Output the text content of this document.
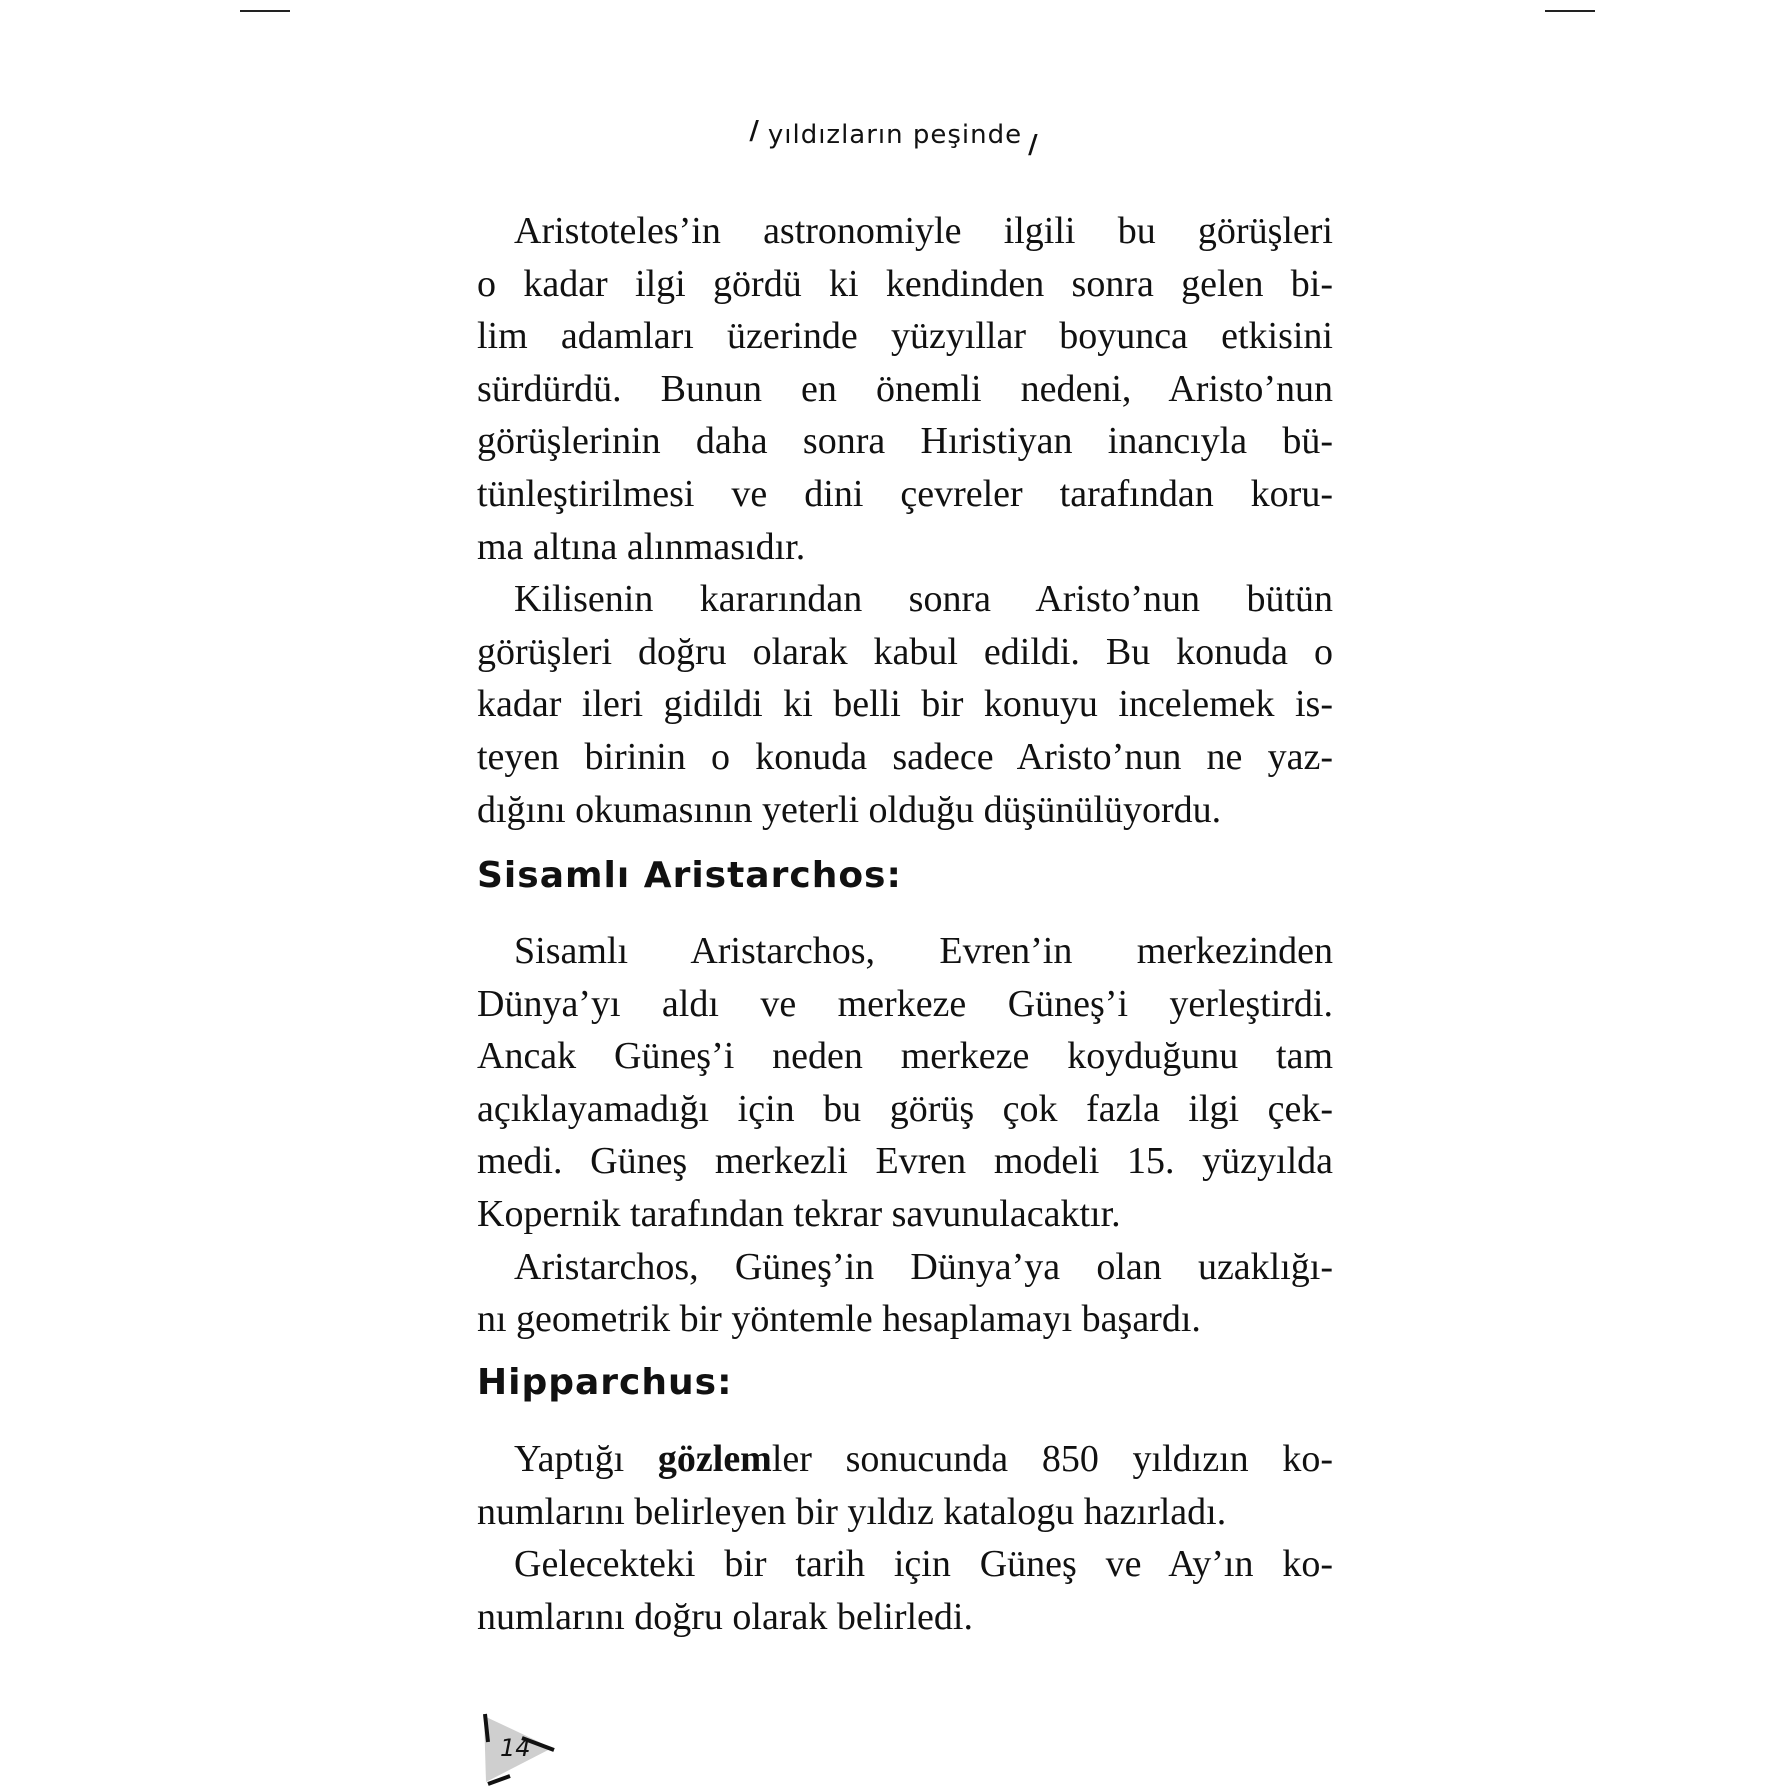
/ yıldızların peşinde /

Aristoteles’in astronomiyle ilgili bu görüşleri
o kadar ilgi gördü ki kendinden sonra gelen bi-
lim adamları üzerinde yüzyıllar boyunca etkisini
sürdürdü. Bunun en önemli nedeni, Aristo’nun
görüşlerinin daha sonra Hıristiyan inancıyla bü-
tünleştirilmesi ve dini çevreler tarafından koru-
ma altına alınmasıdır.

Kilisenin kararından sonra Aristo’nun bütün
görüşleri doğru olarak kabul edildi. Bu konuda o
kadar ileri gidildi ki belli bir konuyu incelemek is-
teyen birinin o konuda sadece Aristo’nun ne yaz-
dığını okumasının yeterli olduğu düşünülüyordu.

Sisamlı Aristarchos:

Sisamlı Aristarchos, Evren’in merkezinden
Dünya’yı aldı ve merkeze Güneş’i yerleştirdi.
Ancak Güneş’i neden merkeze koyduğunu tam
açıklayamadığı için bu görüş çok fazla ilgi çek-
medi. Güneş merkezli Evren modeli 15. yüzyılda
Kopernik tarafından tekrar savunulacaktır.

Aristarchos, Güneş’in Dünya’ya olan uzaklığı-
nı geometrik bir yöntemle hesaplamayı başardı.

Hipparchus:

Yaptığı gözlemler sonucunda 850 yıldızın ko-
numlarını belirleyen bir yıldız katalogu hazırladı.

Gelecekteki bir tarih için Güneş ve Ay’ın ko-
numlarını doğru olarak belirledi.

14
